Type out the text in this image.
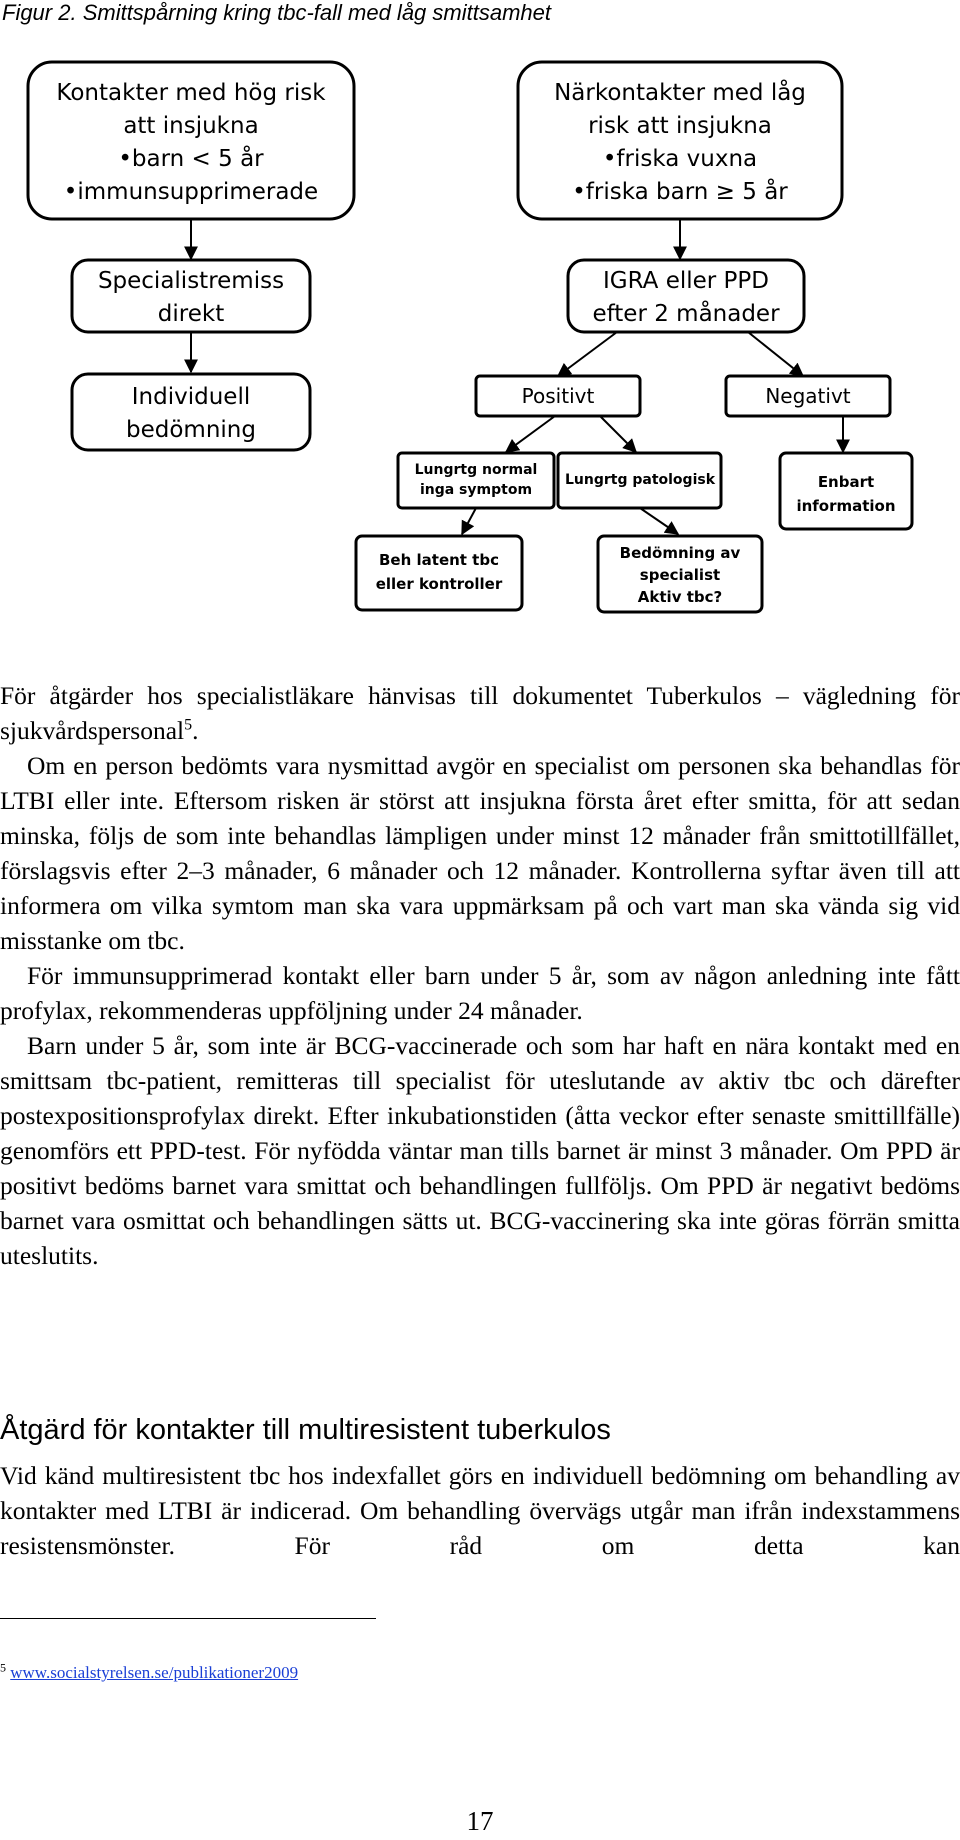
Figur 2. Smittspårning kring tbc-fall med låg smittsamhet
Kontakter med hög risk
att insjukna
•barn < 5 år
•immunsupprimerade
Närkontakter med låg
risk att insjukna
•friska vuxna
•friska barn ≥ 5 år
Specialistremiss
direkt
IGRA eller PPD
efter 2 månader
Individuell
bedömning
Positivt	Negativt
Lungrtg normal
inga symptom
Lungrtg patologisk	Enbart
information
Beh latent tbc
eller kontroller
Bedömning av
specialist
Aktiv tbc?

För åtgärder hos specialistläkare hänvisas till dokumentet Tuberkulos – vägledning för sjukvårdspersonal$^5$.

Om en person bedömts vara nysmittad avgör en specialist om personen ska behandlas för LTBI eller inte. Eftersom risken är störst att insjukna första året efter smitta, för att sedan minska, följs de som inte behandlas lämpligen under minst 12 månader från smittotillfället, förslagsvis efter 2–3 månader, 6 månader och 12 månader. Kontrollerna syftar även till att informera om vilka symtom man ska vara uppmärksam på och vart man ska vända sig vid misstanke om tbc.

För immunsupprimerad kontakt eller barn under 5 år, som av någon anledning inte fått profylax, rekommenderas uppföljning under 24 månader.

Barn under 5 år, som inte är BCG-vaccinerade och som har haft en nära kontakt med en smittsam tbc-patient, remitteras till specialist för uteslutande av aktiv tbc och därefter postexpositionsprofylax direkt. Efter inkubationstiden (åtta veckor efter senaste smittillfälle) genomförs ett PPD-test. För nyfödda väntar man tills barnet är minst 3 månader. Om PPD är positivt bedöms barnet vara smittat och behandlingen fullföljs. Om PPD är negativt bedöms barnet vara osmittat och behandlingen sätts ut. BCG-vaccinering ska inte göras förrän smitta uteslutits.

Åtgärd för kontakter till multiresistent tuberkulos

Vid känd multiresistent tbc hos indexfallet görs en individuell bedömning om behandling av kontakter med LTBI är indicerad. Om behandling övervägs utgår man ifrån indexstammens resistensmönster. För råd om detta kan

$^5$ www.socialstyrelsen.se/publikationer2009
17
